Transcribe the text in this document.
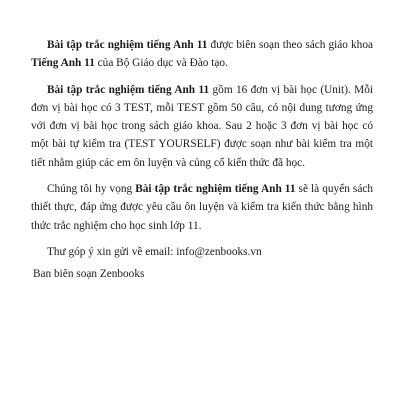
Bài tập trắc nghiệm tiếng Anh 11 được biên soạn theo sách giáo khoa Tiếng Anh 11 của Bộ Giáo dục và Đào tạo.

Bài tập trắc nghiệm tiếng Anh 11 gồm 16 đơn vị bài học (Unit). Mỗi đơn vị bài học có 3 TEST, mỗi TEST gồm 50 câu, có nội dung tương ứng với đơn vị bài học trong sách giáo khoa. Sau 2 hoặc 3 đơn vị bài học có một bài tự kiểm tra (TEST YOURSELF) được soạn như bài kiểm tra một tiết nhằm giúp các em ôn luyện và củng cố kiến thức đã học.

Chúng tôi hy vọng Bài tập trắc nghiệm tiếng Anh 11 sẽ là quyển sách thiết thực, đáp ứng được yêu cầu ôn luyện và kiểm tra kiến thức bằng hình thức trắc nghiệm cho học sinh lớp 11.

Thư góp ý xin gửi về email: info@zenbooks.vn

Ban biên soạn Zenbooks
